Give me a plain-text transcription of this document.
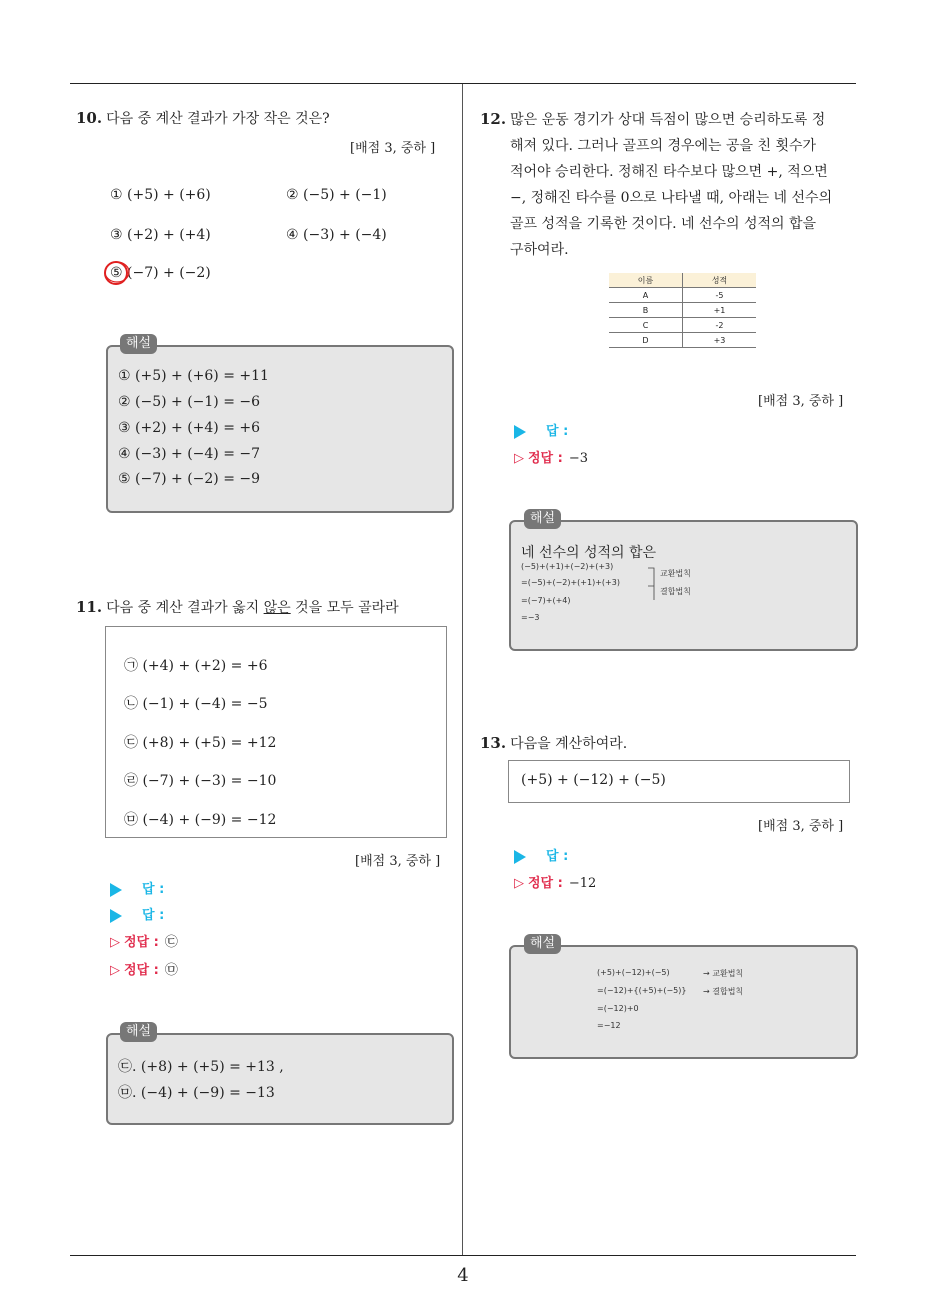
4
10. 다음 중 계산 결과가 가장 작은 것은?
[배점 3, 중하 ]
① (+5) + (+6)	② (−5) + (−1)
③ (+2) + (+4)	④ (−3) + (−4)
⑤ (−7) + (−2)
해설
① (+5) + (+6) = +11
② (−5) + (−1) = −6
③ (+2) + (+4) = +6
④ (−3) + (−4) = −7
⑤ (−7) + (−2) = −9
11. 다음 중 계산 결과가 옳지 않은 것을 모두 골라라
㉠ (+4) + (+2) = +6
㉡ (−1) + (−4) = −5
㉢ (+8) + (+5) = +12
㉣ (−7) + (−3) = −10
㉤ (−4) + (−9) = −12
[배점 3, 중하 ]
답 :
답 :
▷ 정답 : ㉢
▷ 정답 : ㉤
해설
㉢. (+8) + (+5) = +13 ,
㉤. (−4) + (−9) = −13
12. 많은 운동 경기가 상대 득점이 많으면 승리하도록 정
해져 있다. 그러나 골프의 경우에는 공을 친 횟수가
적어야 승리한다. 정해진 타수보다 많으면 +, 적으면
−, 정해진 타수를 0으로 나타낼 때, 아래는 네 선수의
골프 성적을 기록한 것이다. 네 선수의 성적의 합을
구하여라.
이름	성적
A	-5
B	+1
C	-2
D	+3
[배점 3, 중하 ]
답 :
▷ 정답 : −3
해설
네 선수의 성적의 합은
(−5)+(+1)+(−2)+(+3)
=(−5)+(−2)+(+1)+(+3)
=(−7)+(+4)
=−3
교환법칙
결합법칙
13. 다음을 계산하여라.
(+5) + (−12) + (−5)
[배점 3, 중하 ]
답 :
▷ 정답 : −12
해설
(+5)+(−12)+(−5)
=(−12)+{(+5)+(−5)}
=(−12)+0
=−12
→ 교환법칙
→ 결합법칙
